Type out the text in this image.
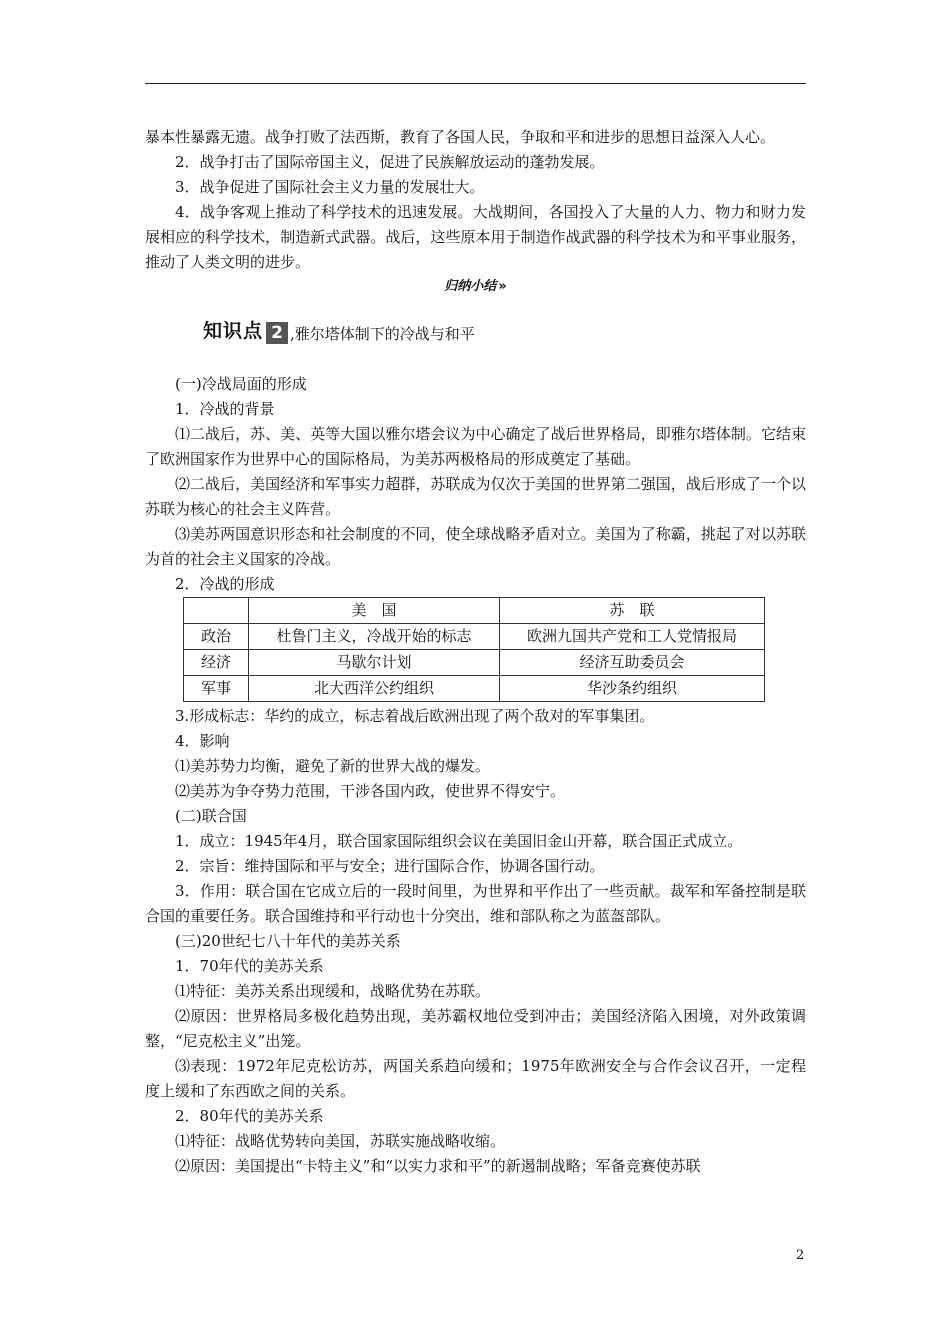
暴本性暴露无遗。战争打败了法西斯，教育了各国人民，争取和平和进步的思想日益深入人心。

2．战争打击了国际帝国主义，促进了民族解放运动的蓬勃发展。

3．战争促进了国际社会主义力量的发展壮大。

4．战争客观上推动了科学技术的迅速发展。大战期间，各国投入了大量的人力、物力和财力发展相应的科学技术，制造新式武器。战后，这些原本用于制造作战武器的科学技术为和平事业服务，推动了人类文明的进步。

归纳小结 »
知识点 2 ,雅尔塔体制下的冷战与和平

(一)冷战局面的形成

1．冷战的背景

⑴二战后，苏、美、英等大国以雅尔塔会议为中心确定了战后世界格局，即雅尔塔体制。它结束了欧洲国家作为世界中心的国际格局，为美苏两极格局的形成奠定了基础。

⑵二战后，美国经济和军事实力超群，苏联成为仅次于美国的世界第二强国，战后形成了一个以苏联为核心的社会主义阵营。

⑶美苏两国意识形态和社会制度的不同，使全球战略矛盾对立。美国为了称霸，挑起了对以苏联为首的社会主义国家的冷战。

2．冷战的形成

	美　国	苏　联
政治	杜鲁门主义，冷战开始的标志	欧洲九国共产党和工人党情报局
经济	马歇尔计划	经济互助委员会
军事	北大西洋公约组织	华沙条约组织

3.形成标志：华约的成立，标志着战后欧洲出现了两个敌对的军事集团。

4．影响

⑴美苏势力均衡，避免了新的世界大战的爆发。

⑵美苏为争夺势力范围，干涉各国内政，使世界不得安宁。

(二)联合国

1．成立：1945年4月，联合国家国际组织会议在美国旧金山开幕，联合国正式成立。

2．宗旨：维持国际和平与安全；进行国际合作，协调各国行动。

3．作用：联合国在它成立后的一段时间里，为世界和平作出了一些贡献。裁军和军备控制是联合国的重要任务。联合国维持和平行动也十分突出，维和部队称之为蓝盔部队。

(三)20世纪七八十年代的美苏关系

1．70年代的美苏关系

⑴特征：美苏关系出现缓和，战略优势在苏联。

⑵原因：世界格局多极化趋势出现，美苏霸权地位受到冲击；美国经济陷入困境，对外政策调整，“尼克松主义”出笼。

⑶表现：1972年尼克松访苏，两国关系趋向缓和；1975年欧洲安全与合作会议召开，一定程度上缓和了东西欧之间的关系。

2．80年代的美苏关系

⑴特征：战略优势转向美国，苏联实施战略收缩。

⑵原因：美国提出“卡特主义”和“以实力求和平”的新遏制战略；军备竞赛使苏联

2
